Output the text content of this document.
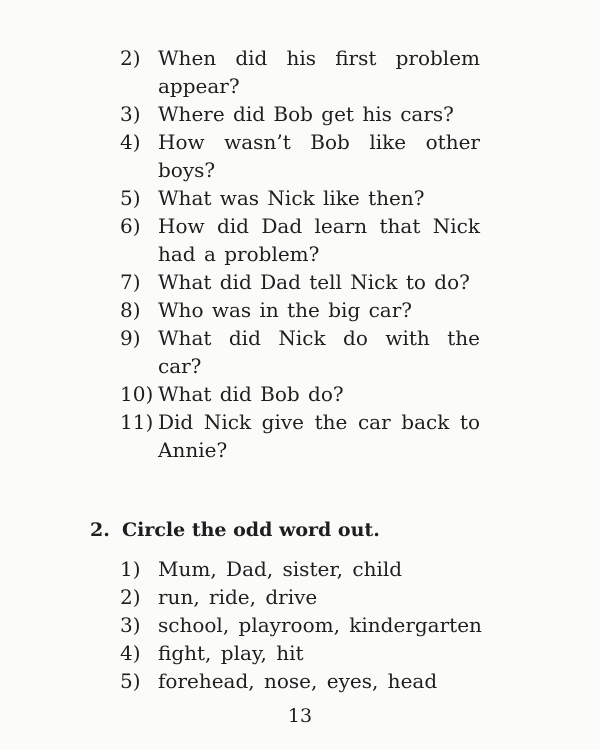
2) When did his first problem appear?
3) Where did Bob get his cars?
4) How wasn’t Bob like other boys?
5) What was Nick like then?
6) How did Dad learn that Nick had a problem?
7) What did Dad tell Nick to do?
8) Who was in the big car?
9) What did Nick do with the car?
10) What did Bob do?
11) Did Nick give the car back to Annie?
2. Circle the odd word out.
1) Mum, Dad, sister, child
2) run, ride, drive
3) school, playroom, kindergarten
4) fight, play, hit
5) forehead, nose, eyes, head
13
